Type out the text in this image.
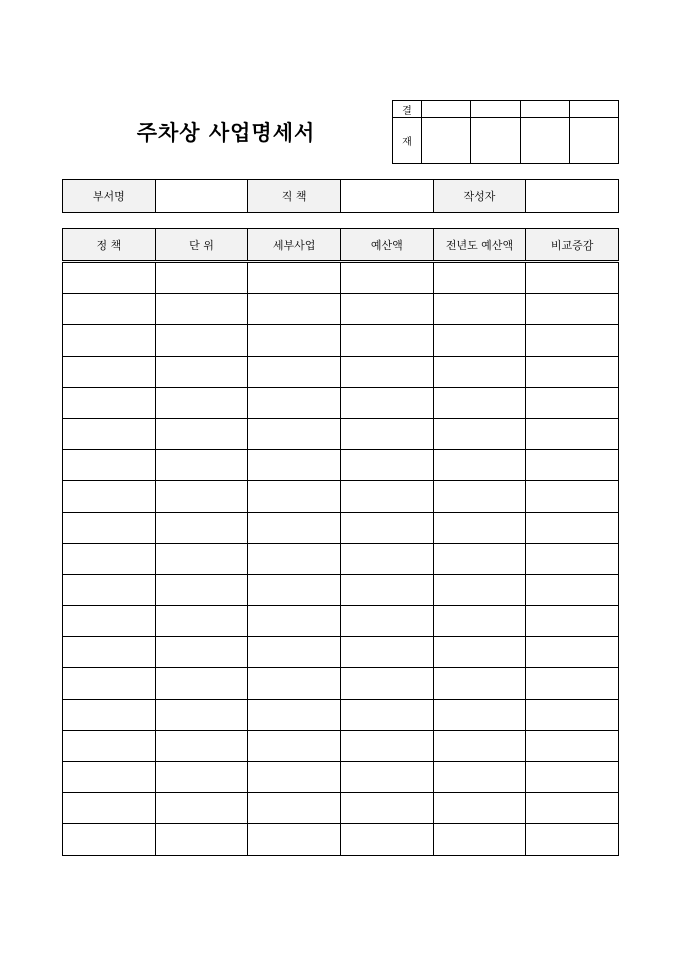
주차상 사업명세서
결				
재				
부서명		직 책		작성자	
정 책	단 위	세부사업	예산액	전년도 예산액	비교증감
